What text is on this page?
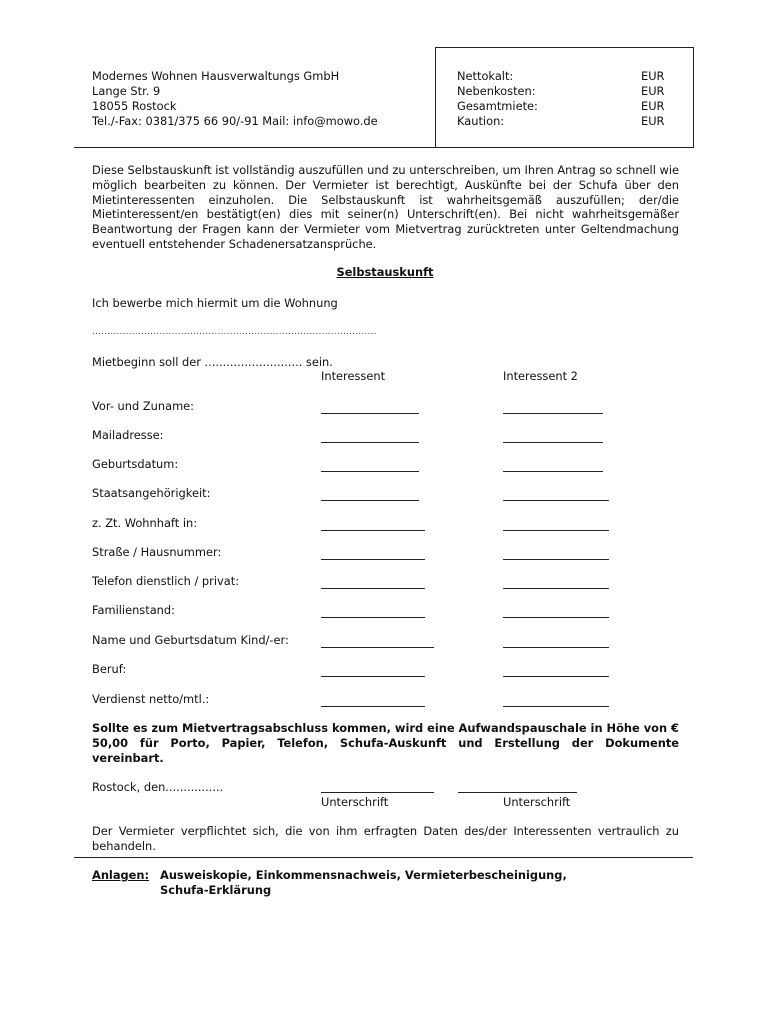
Modernes Wohnen Hausverwaltungs GmbH
Lange Str. 9
18055 Rostock
Tel./-Fax: 0381/375 66 90/-91 Mail: info@mowo.de
Nettokalt:	EUR
Nebenkosten:	EUR
Gesamtmiete:	EUR
Kaution:	EUR
Diese Selbstauskunft ist vollständig auszufüllen und zu unterschreiben, um Ihren Antrag so schnell wie möglich bearbeiten zu können. Der Vermieter ist berechtigt, Auskünfte bei der Schufa über den Mietinteressenten einzuholen. Die Selbstauskunft ist wahrheitsgemäß auszufüllen; der/die Mietinteressent/en bestätigt(en) dies mit seiner(n) Unterschrift(en). Bei nicht wahrheitsgemäßer Beantwortung der Fragen kann der Vermieter vom Mietvertrag zurücktreten unter Geltendmachung eventuell entstehender Schadenersatzansprüche.
Selbstauskunft
Ich bewerbe mich hiermit um die Wohnung
.............................................................................................
Mietbeginn soll der ........................... sein.
Interessent	Interessent 2
Vor- und Zuname:
Mailadresse:
Geburtsdatum:
Staatsangehörigkeit:
z. Zt. Wohnhaft in:
Straße / Hausnummer:
Telefon dienstlich / privat:
Familienstand:
Name und Geburtsdatum Kind/-er:
Beruf:
Verdienst netto/mtl.:
Sollte es zum Mietvertragsabschluss kommen, wird eine Aufwandspauschale in Höhe von € 50,00 für Porto, Papier, Telefon, Schufa-Auskunft und Erstellung der Dokumente vereinbart.
Rostock, den................
Unterschrift	Unterschrift
Der Vermieter verpflichtet sich, die von ihm erfragten Daten des/der Interessenten vertraulich zu behandeln.
Anlagen: Ausweiskopie, Einkommensnachweis, Vermieterbescheinigung,
Schufa-Erklärung
